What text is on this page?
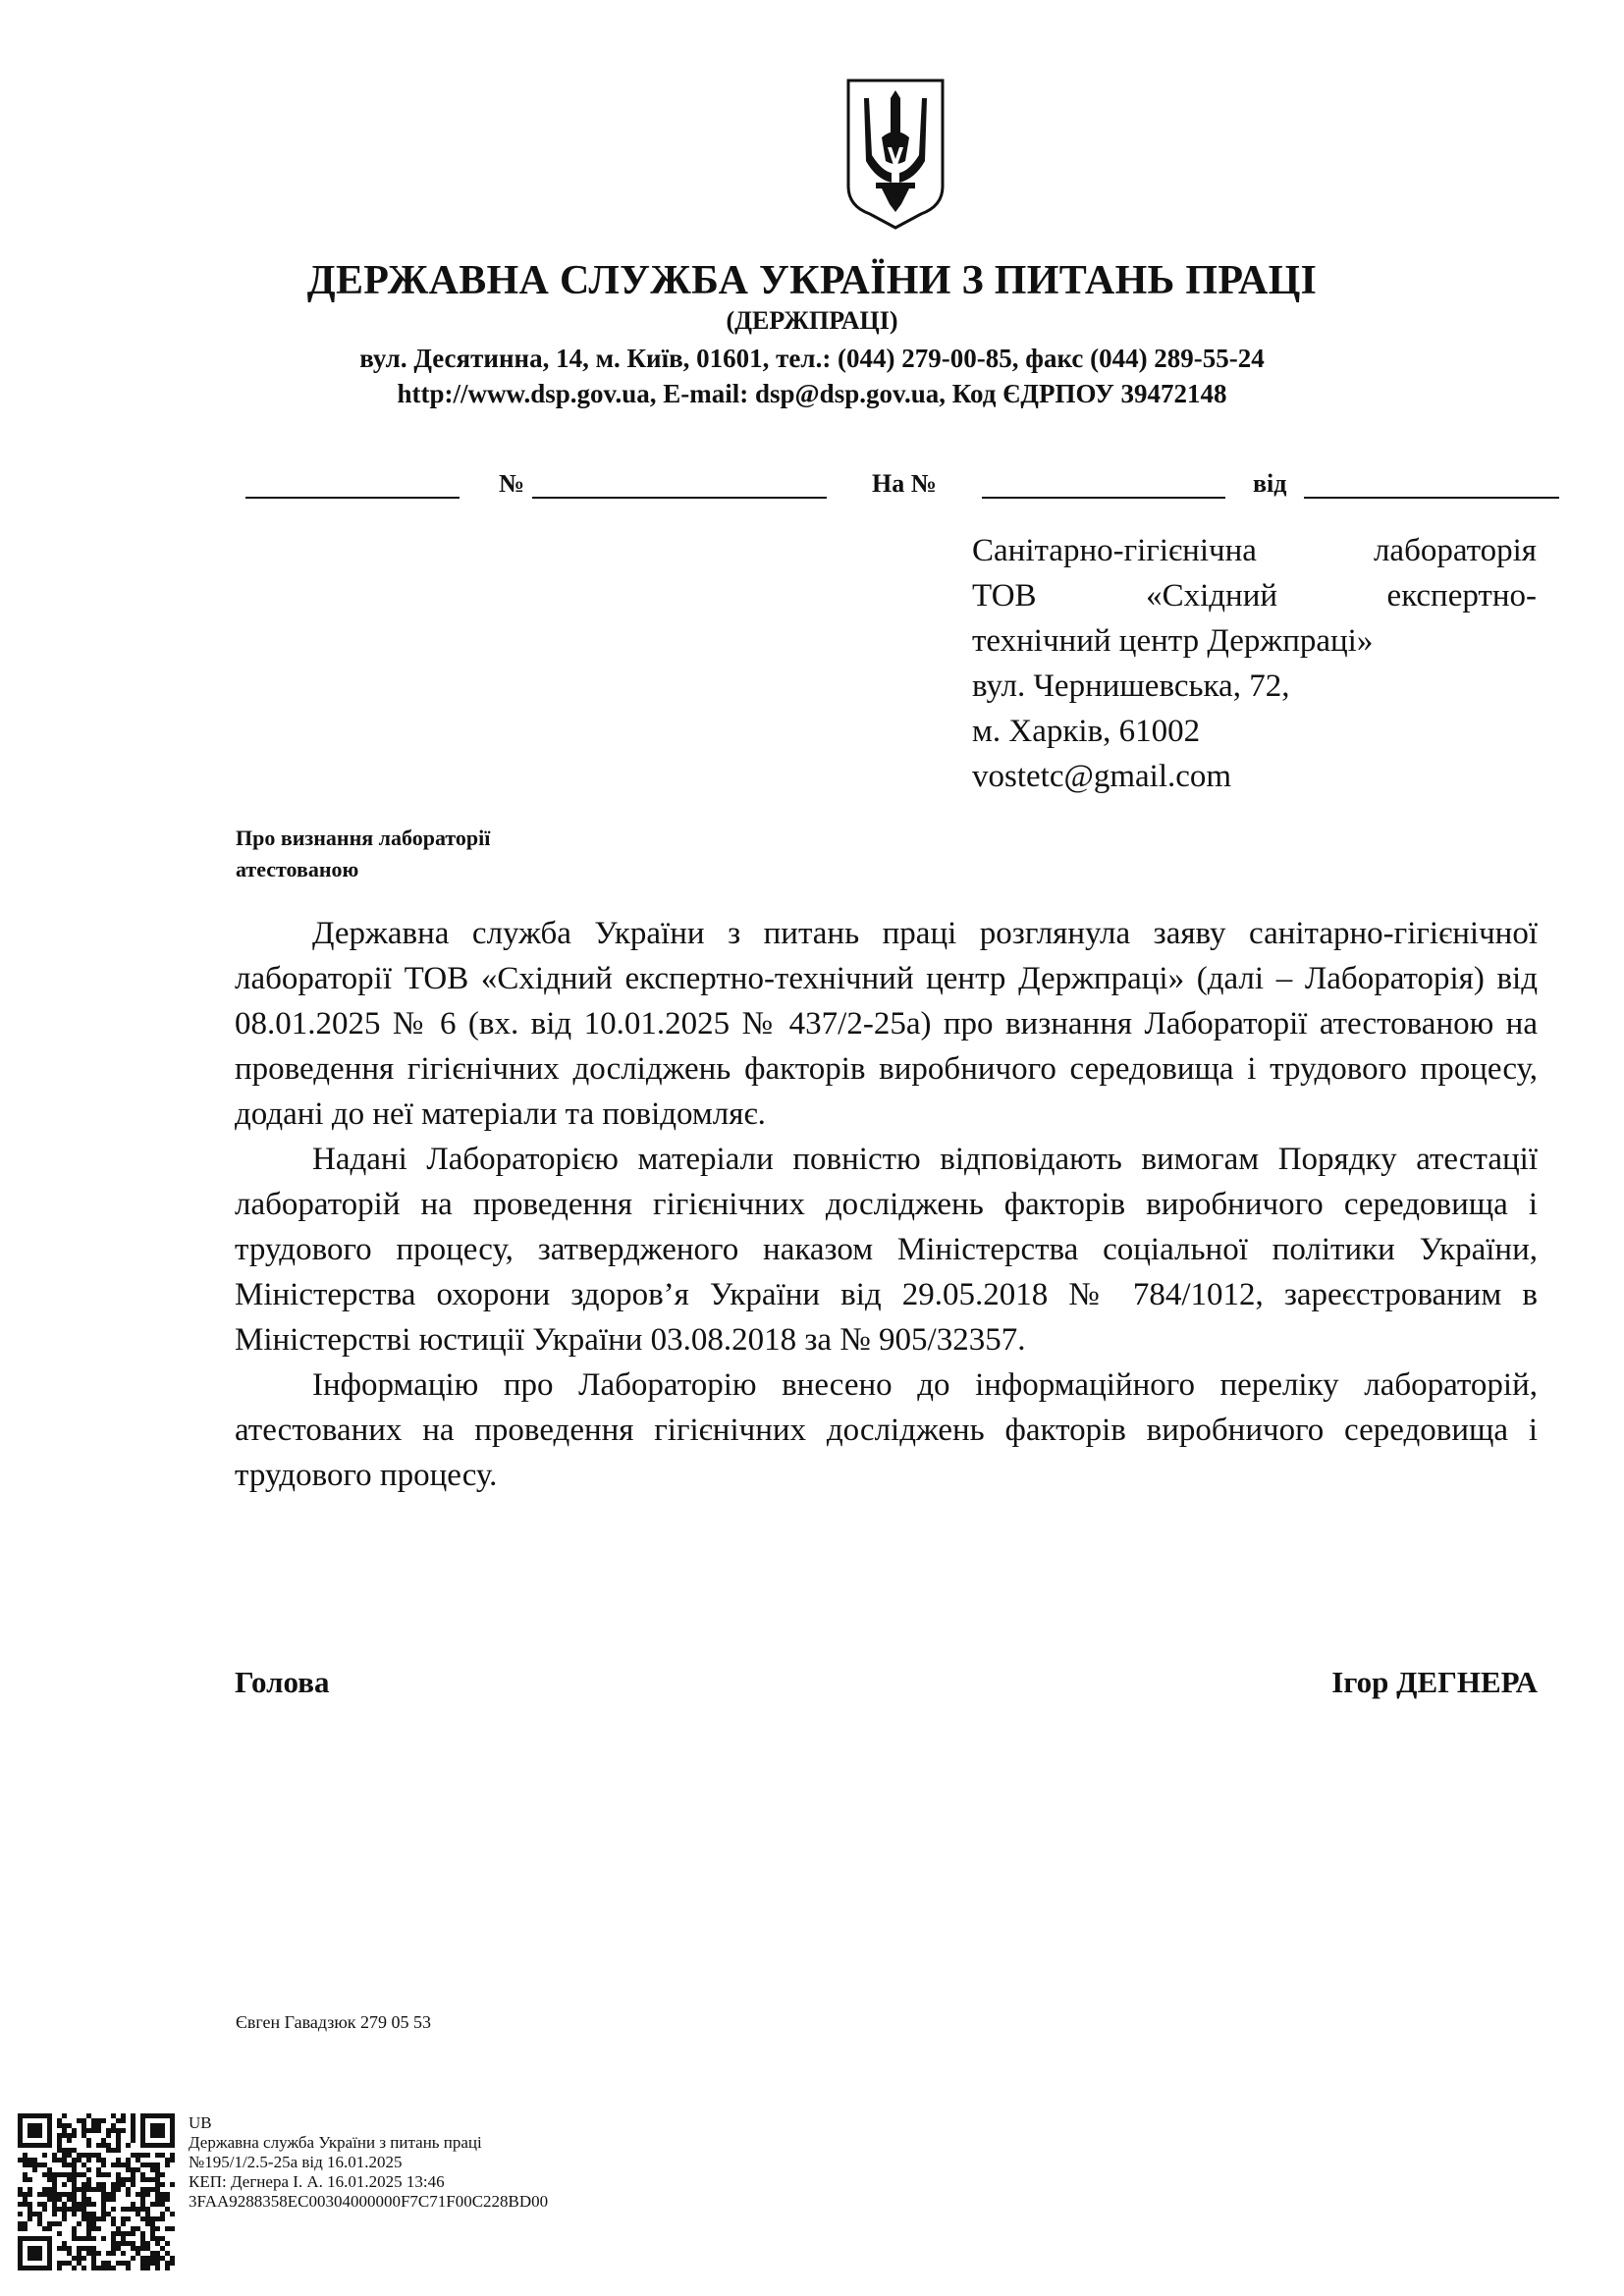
ДЕРЖАВНА СЛУЖБА УКРАЇНИ З ПИТАНЬ ПРАЦІ
(ДЕРЖПРАЦІ)
вул. Десятинна, 14, м. Київ, 01601, тел.: (044) 279-00-85, факс (044) 289-55-24
http://www.dsp.gov.ua, E-mail: dsp@dsp.gov.ua, Код ЄДРПОУ 39472148
№	На №	від
Санітарно-гігієнічна лабораторія
ТОВ «Східний експертно-
технічний центр Держпраці»
вул. Чернишевська, 72,
м. Харків, 61002
vostetc@gmail.com
Про визнання лабораторії
атестованою

Державна служба України з питань праці розглянула заяву санітарно-гігієнічної лабораторії ТОВ «Східний експертно-технічний центр Держпраці» (далі – Лабораторія) від 08.01.2025 № 6 (вх. від 10.01.2025 № 437/2-25а) про визнання Лабораторії атестованою на проведення гігієнічних досліджень факторів виробничого середовища і трудового процесу, додані до неї матеріали та повідомляє.

Надані Лабораторією матеріали повністю відповідають вимогам Порядку атестації лабораторій на проведення гігієнічних досліджень факторів виробничого середовища і трудового процесу, затвердженого наказом Міністерства соціальної політики України, Міністерства охорони здоров’я України від 29.05.2018 № 784/1012, зареєстрованим в Міністерстві юстиції України 03.08.2018 за № 905/32357.

Інформацію про Лабораторію внесено до інформаційного переліку лабораторій, атестованих на проведення гігієнічних досліджень факторів виробничого середовища і трудового процесу.

Голова	Ігор ДЕГНЕРА
Євген Гавадзюк 279 05 53
UB
Державна служба України з питань праці
№195/1/2.5-25а від 16.01.2025
КЕП: Дегнера І. А. 16.01.2025 13:46
3FAA9288358EC00304000000F7C71F00C228BD00
